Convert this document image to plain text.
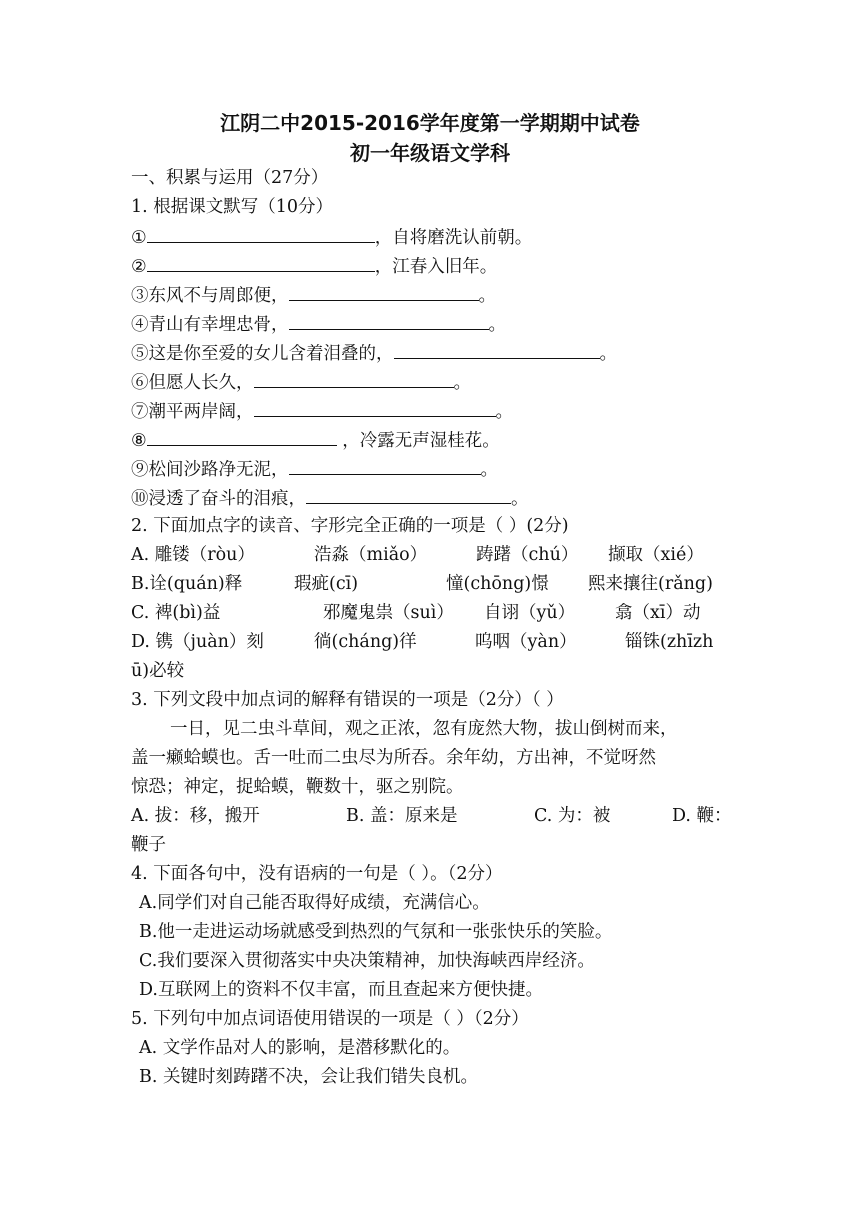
江阴二中2015-2016学年度第一学期期中试卷
初一年级语文学科
一、积累与运用（27分）
1. 根据课文默写（10分）
①	，自将磨洗认前朝。
②	，江春入旧年。
③东风不与周郎便，	。
④青山有幸埋忠骨，	。
⑤这是你至爱的女儿含着泪叠的，	。
⑥但愿人长久，	。
⑦潮平两岸阔，	。
⑧	，冷露无声湿桂花。
⑨松间沙路净无泥，	。
⑩浸透了奋斗的泪痕，	。
2. 下面加点字的读音、字形完全正确的一项是（ ）(2分)
A. 雕镂（ròu）	浩淼（miǎo）	踌躇（chú） 撷取（xié）
B.诠(quán)释	瑕疵(cī)	憧(chōng)憬 熙来攘往(rǎng)
C. 裨(bì)益	邪魔鬼祟（suì） 自诩（yǔ） 翕（xī）动
D. 镌（juàn）刻	徜(cháng)徉	呜咽（yàn）	锱铢(zhīzh
ū)必较
3. 下列文段中加点词的解释有错误的一项是（2分）（ ）
一日，见二虫斗草间，观之正浓，忽有庞然大物，拔山倒树而来，
盖一癞蛤蟆也。舌一吐而二虫尽为所吞。余年幼，方出神，不觉呀然
惊恐；神定，捉蛤蟆，鞭数十，驱之别院。
A. 拔：移，搬开	B. 盖：原来是	C. 为：被	D. 鞭：
鞭子
4. 下面各句中，没有语病的一句是（ ）。（2分）
A.同学们对自己能否取得好成绩，充满信心。
B.他一走进运动场就感受到热烈的气氛和一张张快乐的笑脸。
C.我们要深入贯彻落实中央决策精神，加快海峡西岸经济。
D.互联网上的资料不仅丰富，而且查起来方便快捷。
5. 下列句中加点词语使用错误的一项是（ ）（2分）
A. 文学作品对人的影响，是潜移默化的。
B. 关键时刻踌躇不决，会让我们错失良机。
